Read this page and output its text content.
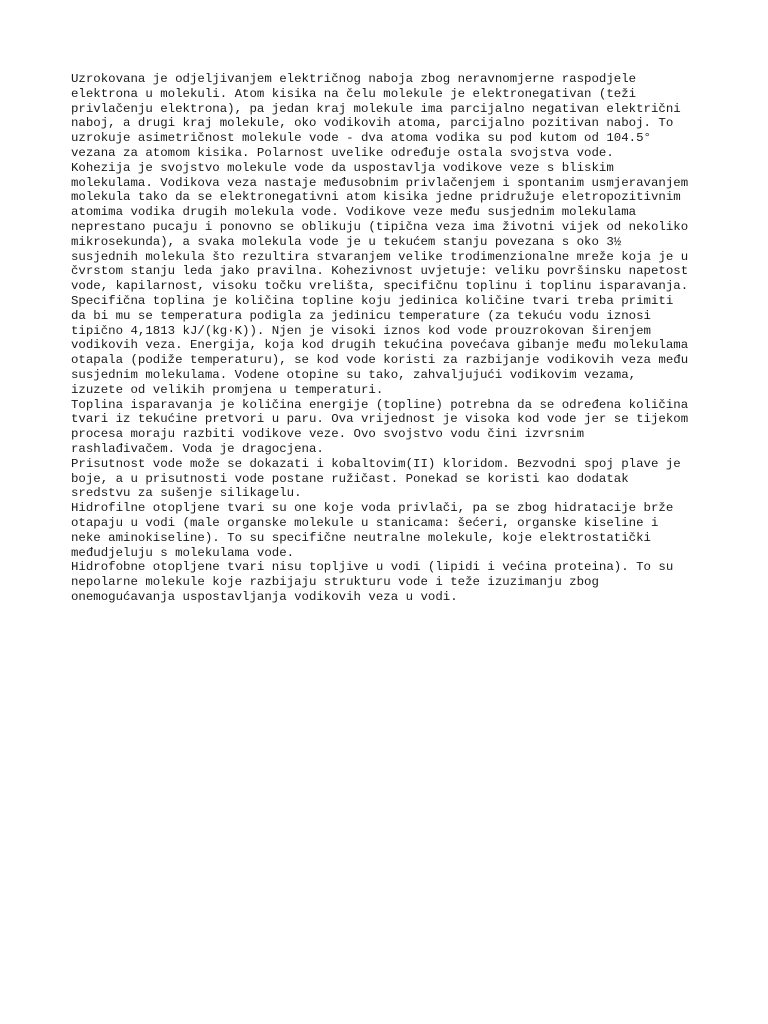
Uzrokovana je odjeljivanjem električnog naboja zbog neravnomjerne raspodjele
elektrona u molekuli. Atom kisika na čelu molekule je elektronegativan (teži
privlačenju elektrona), pa jedan kraj molekule ima parcijalno negativan električni
naboj, a drugi kraj molekule, oko vodikovih atoma, parcijalno pozitivan naboj. To
uzrokuje asimetričnost molekule vode - dva atoma vodika su pod kutom od 104.5°
vezana za atomom kisika. Polarnost uvelike određuje ostala svojstva vode.
Kohezija je svojstvo molekule vode da uspostavlja vodikove veze s bliskim
molekulama. Vodikova veza nastaje međusobnim privlačenjem i spontanim usmjeravanjem
molekula tako da se elektronegativni atom kisika jedne pridružuje eletropozitivnim
atomima vodika drugih molekula vode. Vodikove veze među susjednim molekulama
neprestano pucaju i ponovno se oblikuju (tipična veza ima životni vijek od nekoliko
mikrosekunda), a svaka molekula vode je u tekućem stanju povezana s oko 3½
susjednih molekula što rezultira stvaranjem velike trodimenzionalne mreže koja je u
čvrstom stanju leda jako pravilna. Kohezivnost uvjetuje: veliku površinsku napetost
vode, kapilarnost, visoku točku vrelišta, specifičnu toplinu i toplinu isparavanja.
Specifična toplina je količina topline koju jedinica količine tvari treba primiti
da bi mu se temperatura podigla za jedinicu temperature (za tekuću vodu iznosi
tipično 4,1813 kJ/(kg·K)). Njen je visoki iznos kod vode prouzrokovan širenjem
vodikovih veza. Energija, koja kod drugih tekućina povećava gibanje među molekulama
otapala (podiže temperaturu), se kod vode koristi za razbijanje vodikovih veza među
susjednim molekulama. Vodene otopine su tako, zahvaljujući vodikovim vezama,
izuzete od velikih promjena u temperaturi.
Toplina isparavanja je količina energije (topline) potrebna da se određena količina
tvari iz tekućine pretvori u paru. Ova vrijednost je visoka kod vode jer se tijekom
procesa moraju razbiti vodikove veze. Ovo svojstvo vodu čini izvrsnim
rashlađivačem. Voda je dragocjena.
Prisutnost vode može se dokazati i kobaltovim(II) kloridom. Bezvodni spoj plave je
boje, a u prisutnosti vode postane ružičast. Ponekad se koristi kao dodatak
sredstvu za sušenje silikagelu.
Hidrofilne otopljene tvari su one koje voda privlači, pa se zbog hidratacije brže
otapaju u vodi (male organske molekule u stanicama: šećeri, organske kiseline i
neke aminokiseline). To su specifične neutralne molekule, koje elektrostatički
međudjeluju s molekulama vode.
Hidrofobne otopljene tvari nisu topljive u vodi (lipidi i većina proteina). To su
nepolarne molekule koje razbijaju strukturu vode i teže izuzimanju zbog
onemogućavanja uspostavljanja vodikovih veza u vodi.
